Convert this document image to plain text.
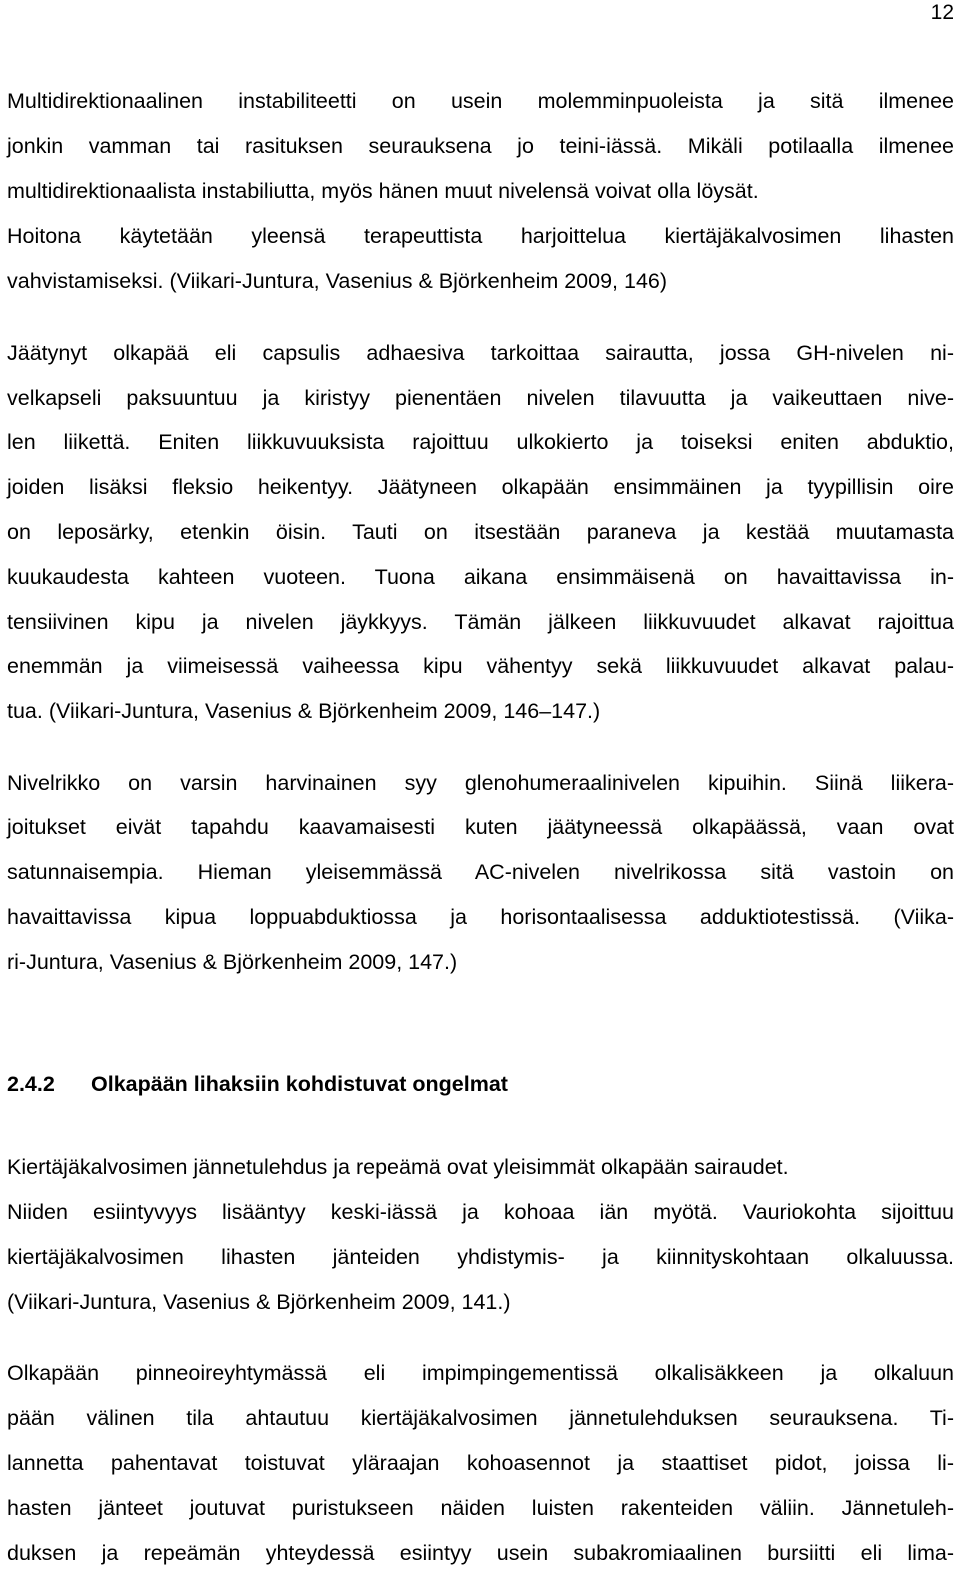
12
Multidirektionaalinen instabiliteetti on usein molemminpuoleista ja sitä ilmenee
jonkin vamman tai rasituksen seurauksena jo teini-iässä. Mikäli potilaalla ilmenee
multidirektionaalista instabiliutta, myös hänen muut nivelensä voivat olla löysät.
Hoitona käytetään yleensä terapeuttista harjoittelua kiertäjäkalvosimen lihasten
vahvistamiseksi. (Viikari-Juntura, Vasenius & Björkenheim 2009, 146)
Jäätynyt olkapää eli capsulis adhaesiva tarkoittaa sairautta, jossa GH-nivelen ni-
velkapseli paksuuntuu ja kiristyy pienentäen nivelen tilavuutta ja vaikeuttaen nive-
len liikettä. Eniten liikkuvuuksista rajoittuu ulkokierto ja toiseksi eniten abduktio,
joiden lisäksi fleksio heikentyy. Jäätyneen olkapään ensimmäinen ja tyypillisin oire
on leposärky, etenkin öisin. Tauti on itsestään paraneva ja kestää muutamasta
kuukaudesta kahteen vuoteen. Tuona aikana ensimmäisenä on havaittavissa in-
tensiivinen kipu ja nivelen jäykkyys. Tämän jälkeen liikkuvuudet alkavat rajoittua
enemmän ja viimeisessä vaiheessa kipu vähentyy sekä liikkuvuudet alkavat palau-
tua. (Viikari-Juntura, Vasenius & Björkenheim 2009, 146–147.)
Nivelrikko on varsin harvinainen syy glenohumeraalinivelen kipuihin. Siinä liikera-
joitukset eivät tapahdu kaavamaisesti kuten jäätyneessä olkapäässä, vaan ovat
satunnaisempia. Hieman yleisemmässä AC-nivelen nivelrikossa sitä vastoin on
havaittavissa kipua loppuabduktiossa ja horisontaalisessa adduktiotestissä. (Viika-
ri-Juntura, Vasenius & Björkenheim 2009, 147.)
2.4.2 Olkapään lihaksiin kohdistuvat ongelmat
Kiertäjäkalvosimen jännetulehdus ja repeämä ovat yleisimmät olkapään sairaudet.
Niiden esiintyvyys lisääntyy keski-iässä ja kohoaa iän myötä. Vauriokohta sijoittuu
kiertäjäkalvosimen lihasten jänteiden yhdistymis- ja kiinnityskohtaan olkaluussa.
(Viikari-Juntura, Vasenius & Björkenheim 2009, 141.)
Olkapään pinneoireyhtymässä eli impimpingementissä olkalisäkkeen ja olkaluun
pään välinen tila ahtautuu kiertäjäkalvosimen jännetulehduksen seurauksena. Ti-
lannetta pahentavat toistuvat yläraajan kohoasennot ja staattiset pidot, joissa li-
hasten jänteet joutuvat puristukseen näiden luisten rakenteiden väliin. Jännetuleh-
duksen ja repeämän yhteydessä esiintyy usein subakromiaalinen bursiitti eli lima-
